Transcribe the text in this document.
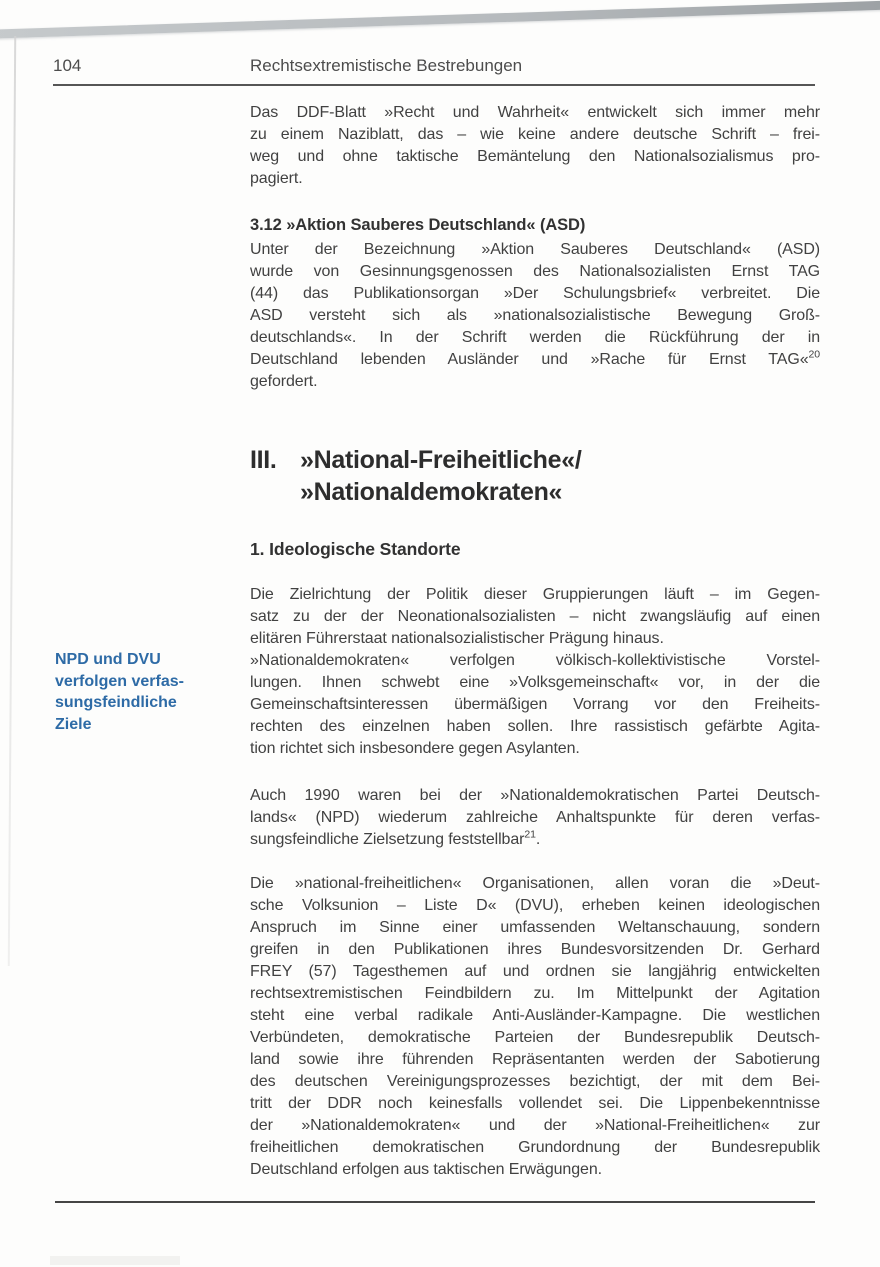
104	Rechtsextremistische Bestrebungen
Das DDF-Blatt »Recht und Wahrheit« entwickelt sich immer mehr
zu einem Naziblatt, das – wie keine andere deutsche Schrift – frei-
weg und ohne taktische Bemäntelung den Nationalsozialismus pro-
pagiert.
3.12 »Aktion Sauberes Deutschland« (ASD)
Unter der Bezeichnung »Aktion Sauberes Deutschland« (ASD)
wurde von Gesinnungsgenossen des Nationalsozialisten Ernst TAG
(44) das Publikationsorgan »Der Schulungsbrief« verbreitet. Die
ASD versteht sich als »nationalsozialistische Bewegung Groß-
deutschlands«. In der Schrift werden die Rückführung der in
Deutschland lebenden Ausländer und »Rache für Ernst TAG«$^{20}$
gefordert.
III. »National-Freiheitliche«/
»Nationaldemokraten«
1. Ideologische Standorte
Die Zielrichtung der Politik dieser Gruppierungen läuft – im Gegen-
satz zu der der Neonationalsozialisten – nicht zwangsläufig auf einen
elitären Führerstaat nationalsozialistischer Prägung hinaus.
»Nationaldemokraten« verfolgen völkisch-kollektivistische Vorstel-
lungen. Ihnen schwebt eine »Volksgemeinschaft« vor, in der die
Gemeinschaftsinteressen übermäßigen Vorrang vor den Freiheits-
rechten des einzelnen haben sollen. Ihre rassistisch gefärbte Agita-
tion richtet sich insbesondere gegen Asylanten.
Auch 1990 waren bei der »Nationaldemokratischen Partei Deutsch-
lands« (NPD) wiederum zahlreiche Anhaltspunkte für deren verfas-
sungsfeindliche Zielsetzung feststellbar$^{21}$.
Die »national-freiheitlichen« Organisationen, allen voran die »Deut-
sche Volksunion – Liste D« (DVU), erheben keinen ideologischen
Anspruch im Sinne einer umfassenden Weltanschauung, sondern
greifen in den Publikationen ihres Bundesvorsitzenden Dr. Gerhard
FREY (57) Tagesthemen auf und ordnen sie langjährig entwickelten
rechtsextremistischen Feindbildern zu. Im Mittelpunkt der Agitation
steht eine verbal radikale Anti-Ausländer-Kampagne. Die westlichen
Verbündeten, demokratische Parteien der Bundesrepublik Deutsch-
land sowie ihre führenden Repräsentanten werden der Sabotierung
des deutschen Vereinigungsprozesses bezichtigt, der mit dem Bei-
tritt der DDR noch keinesfalls vollendet sei. Die Lippenbekenntnisse
der »Nationaldemokraten« und der »National-Freiheitlichen« zur
freiheitlichen demokratischen Grundordnung der Bundesrepublik
Deutschland erfolgen aus taktischen Erwägungen.
NPD und DVU
verfolgen verfas-
sungsfeindliche
Ziele
